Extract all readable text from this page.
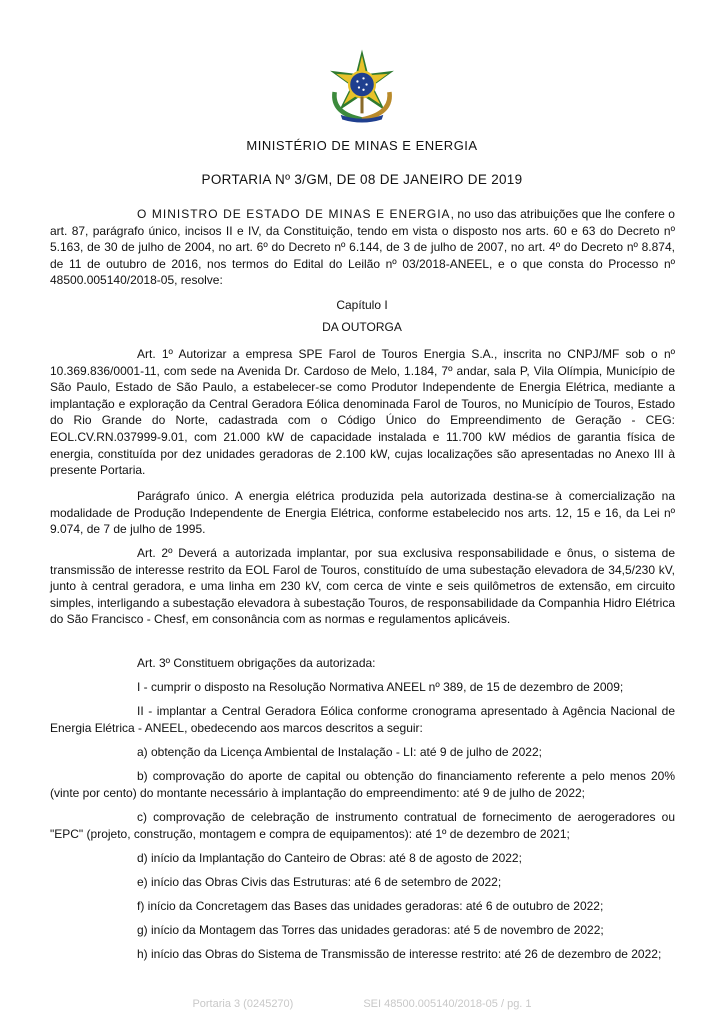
MINISTÉRIO DE MINAS E ENERGIA
PORTARIA Nº 3/GM, DE 08 DE JANEIRO DE 2019

O MINISTRO DE ESTADO DE MINAS E ENERGIA, no uso das atribuições que lhe confere o art. 87, parágrafo único, incisos II e IV, da Constituição, tendo em vista o disposto nos arts. 60 e 63 do Decreto nº 5.163, de 30 de julho de 2004, no art. 6º do Decreto nº 6.144, de 3 de julho de 2007, no art. 4º do Decreto nº 8.874, de 11 de outubro de 2016, nos termos do Edital do Leilão nº 03/2018-ANEEL, e o que consta do Processo nº 48500.005140/2018-05, resolve:

Capítulo I
DA OUTORGA

Art. 1º Autorizar a empresa SPE Farol de Touros Energia S.A., inscrita no CNPJ/MF sob o nº 10.369.836/0001-11, com sede na Avenida Dr. Cardoso de Melo, 1.184, 7º andar, sala P, Vila Olímpia, Município de São Paulo, Estado de São Paulo, a estabelecer-se como Produtor Independente de Energia Elétrica, mediante a implantação e exploração da Central Geradora Eólica denominada Farol de Touros, no Município de Touros, Estado do Rio Grande do Norte, cadastrada com o Código Único do Empreendimento de Geração - CEG: EOL.CV.RN.037999-9.01, com 21.000 kW de capacidade instalada e 11.700 kW médios de garantia física de energia, constituída por dez unidades geradoras de 2.100 kW, cujas localizações são apresentadas no Anexo III à presente Portaria.

Parágrafo único. A energia elétrica produzida pela autorizada destina-se à comercialização na modalidade de Produção Independente de Energia Elétrica, conforme estabelecido nos arts. 12, 15 e 16, da Lei nº 9.074, de 7 de julho de 1995.

Art. 2º Deverá a autorizada implantar, por sua exclusiva responsabilidade e ônus, o sistema de transmissão de interesse restrito da EOL Farol de Touros, constituído de uma subestação elevadora de 34,5/230 kV, junto à central geradora, e uma linha em 230 kV, com cerca de vinte e seis quilômetros de extensão, em circuito simples, interligando a subestação elevadora à subestação Touros, de responsabilidade da Companhia Hidro Elétrica do São Francisco - Chesf, em consonância com as normas e regulamentos aplicáveis.

Art. 3º Constituem obrigações da autorizada:

I - cumprir o disposto na Resolução Normativa ANEEL nº 389, de 15 de dezembro de 2009;

II - implantar a Central Geradora Eólica conforme cronograma apresentado à Agência Nacional de Energia Elétrica - ANEEL, obedecendo aos marcos descritos a seguir:

a) obtenção da Licença Ambiental de Instalação - LI: até 9 de julho de 2022;

b) comprovação do aporte de capital ou obtenção do financiamento referente a pelo menos 20% (vinte por cento) do montante necessário à implantação do empreendimento: até 9 de julho de 2022;

c) comprovação de celebração de instrumento contratual de fornecimento de aerogeradores ou "EPC" (projeto, construção, montagem e compra de equipamentos): até 1º de dezembro de 2021;

d) início da Implantação do Canteiro de Obras: até 8 de agosto de 2022;

e) início das Obras Civis das Estruturas: até 6 de setembro de 2022;

f) início da Concretagem das Bases das unidades geradoras: até 6 de outubro de 2022;

g) início da Montagem das Torres das unidades geradoras: até 5 de novembro de 2022;

h) início das Obras do Sistema de Transmissão de interesse restrito: até 26 de dezembro de 2022;

Portaria 3 (0245270)	SEI 48500.005140/2018-05 / pg. 1
